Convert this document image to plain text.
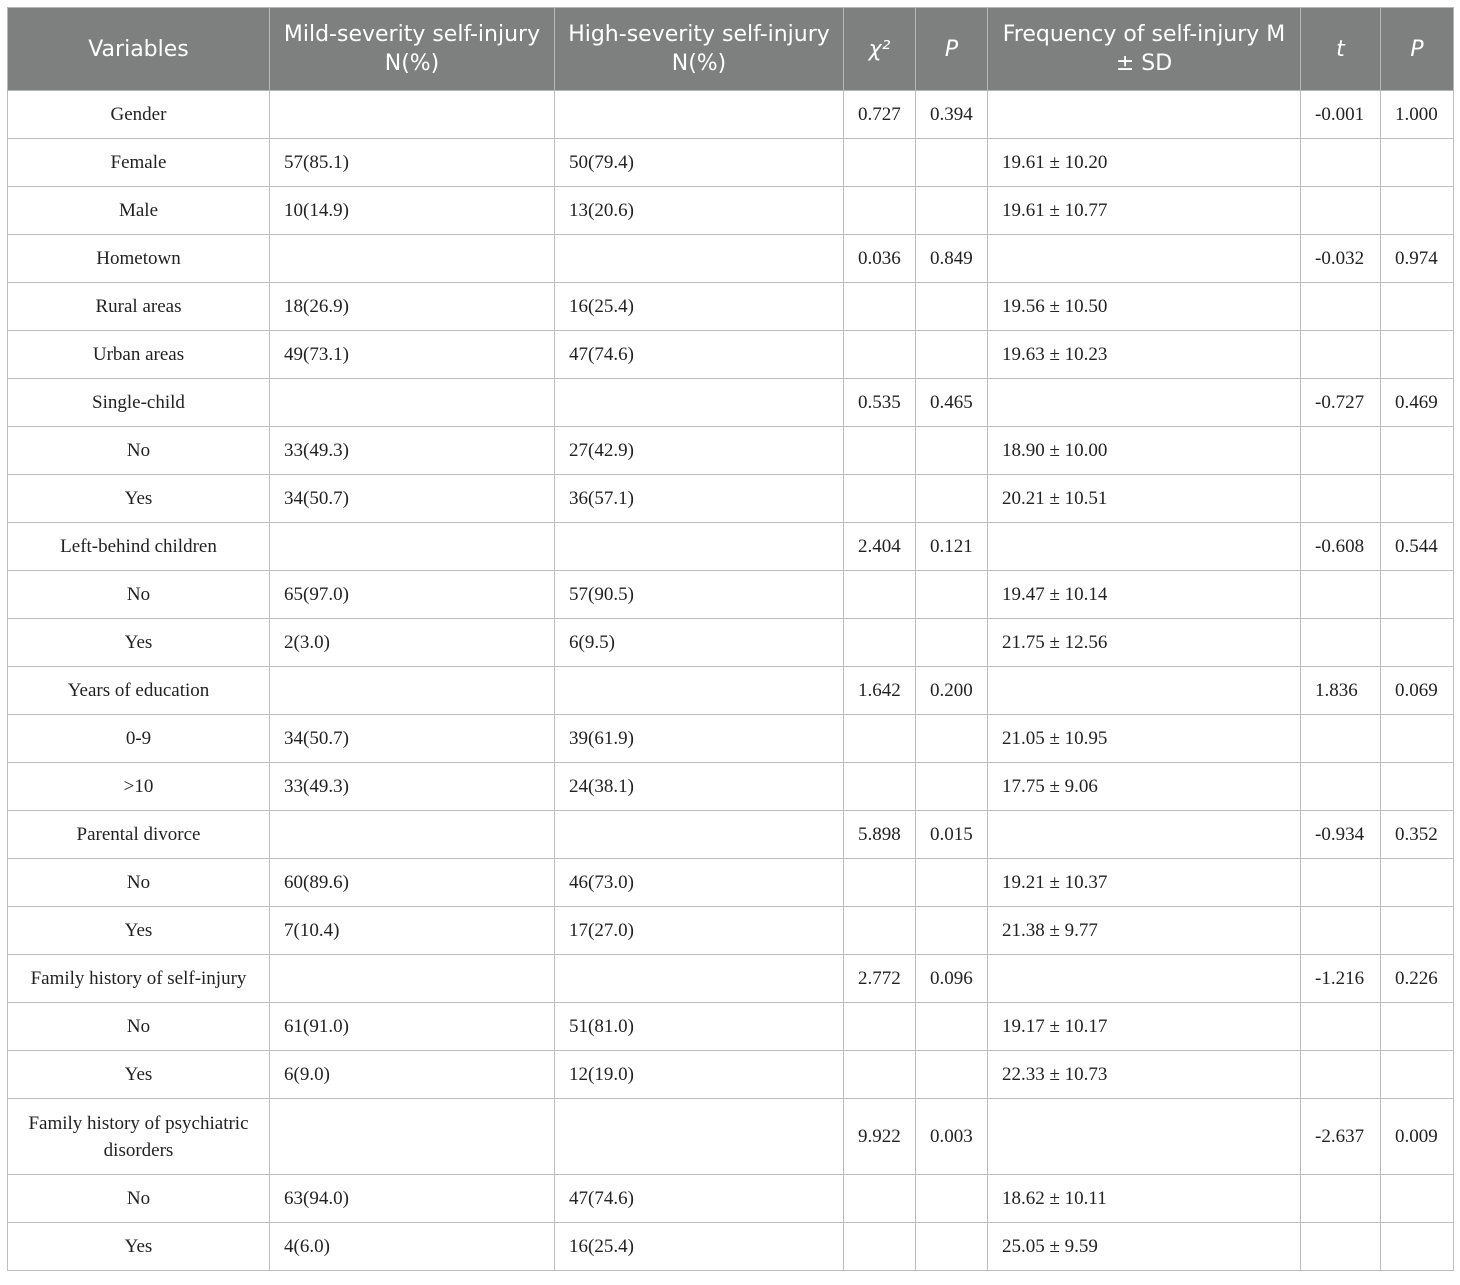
Variables	Mild-severity self-injury N(%)	High-severity self-injury N(%)	χ²	P	Frequency of self-injury M ± SD	t	P
Gender			0.727	0.394		-0.001	1.000
Female	57(85.1)	50(79.4)			19.61 ± 10.20		
Male	10(14.9)	13(20.6)			19.61 ± 10.77		
Hometown			0.036	0.849		-0.032	0.974
Rural areas	18(26.9)	16(25.4)			19.56 ± 10.50		
Urban areas	49(73.1)	47(74.6)			19.63 ± 10.23		
Single-child			0.535	0.465		-0.727	0.469
No	33(49.3)	27(42.9)			18.90 ± 10.00		
Yes	34(50.7)	36(57.1)			20.21 ± 10.51		
Left-behind children			2.404	0.121		-0.608	0.544
No	65(97.0)	57(90.5)			19.47 ± 10.14		
Yes	2(3.0)	6(9.5)			21.75 ± 12.56		
Years of education			1.642	0.200		1.836	0.069
0-9	34(50.7)	39(61.9)			21.05 ± 10.95		
>10	33(49.3)	24(38.1)			17.75 ± 9.06		
Parental divorce			5.898	0.015		-0.934	0.352
No	60(89.6)	46(73.0)			19.21 ± 10.37		
Yes	7(10.4)	17(27.0)			21.38 ± 9.77		
Family history of self-injury			2.772	0.096		-1.216	0.226
No	61(91.0)	51(81.0)			19.17 ± 10.17		
Yes	6(9.0)	12(19.0)			22.33 ± 10.73		
Family history of psychiatric disorders			9.922	0.003		-2.637	0.009
No	63(94.0)	47(74.6)			18.62 ± 10.11		
Yes	4(6.0)	16(25.4)			25.05 ± 9.59		
